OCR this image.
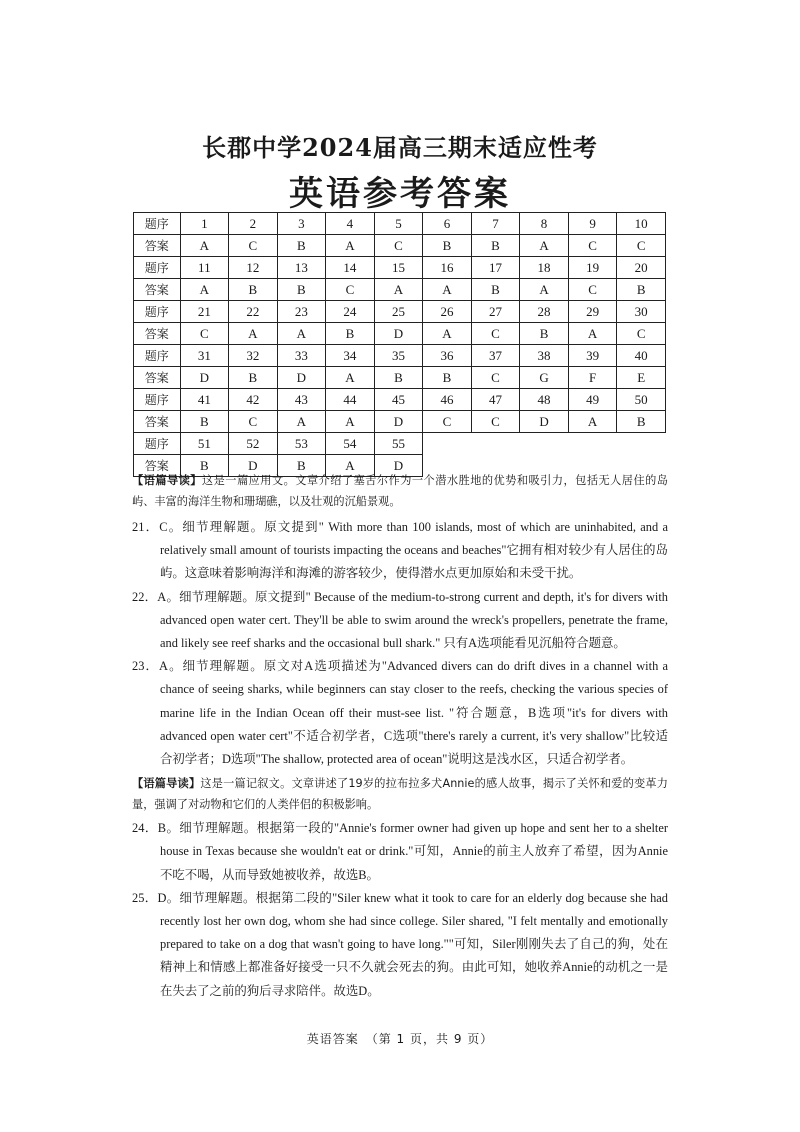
长郡中学2024届高三期末适应性考
英语参考答案
题序	1	2	3	4	5	6	7	8	9	10
答案	A	C	B	A	C	B	B	A	C	C
题序	11	12	13	14	15	16	17	18	19	20
答案	A	B	B	C	A	A	B	A	C	B
题序	21	22	23	24	25	26	27	28	29	30
答案	C	A	A	B	D	A	C	B	A	C
题序	31	32	33	34	35	36	37	38	39	40
答案	D	B	D	A	B	B	C	G	F	E
题序	41	42	43	44	45	46	47	48	49	50
答案	B	C	A	A	D	C	C	D	A	B
题序	51	52	53	54	55					
答案	B	D	B	A	D					

【语篇导读】这是一篇应用文。文章介绍了塞舌尔作为一个潜水胜地的优势和吸引力，包括无人居住的岛屿、丰富的海洋生物和珊瑚礁，以及壮观的沉船景观。

21．C。细节理解题。原文提到" With more than 100 islands, most of which are uninhabited, and a relatively small amount of tourists impacting the oceans and beaches"它拥有相对较少有人居住的岛屿。这意味着影响海洋和海滩的游客较少，使得潜水点更加原始和未受干扰。

22．A。细节理解题。原文提到" Because of the medium-to-strong current and depth, it's for divers with advanced open water cert. They'll be able to swim around the wreck's propellers, penetrate the frame, and likely see reef sharks and the occasional bull shark." 只有A选项能看见沉船符合题意。

23．A。细节理解题。原文对A选项描述为"Advanced divers can do drift dives in a channel with a chance of seeing sharks, while beginners can stay closer to the reefs, checking the various species of marine life in the Indian Ocean off their must-see list. "符合题意，B选项"it's for divers with advanced open water cert"不适合初学者，C选项"there's rarely a current, it's very shallow"比较适合初学者；D选项"The shallow, protected area of ocean"说明这是浅水区，只适合初学者。

【语篇导读】这是一篇记叙文。文章讲述了19岁的拉布拉多犬Annie的感人故事，揭示了关怀和爱的变革力量，强调了对动物和它们的人类伴侣的积极影响。

24．B。细节理解题。根据第一段的"Annie's former owner had given up hope and sent her to a shelter house in Texas because she wouldn't eat or drink."可知，Annie的前主人放弃了希望，因为Annie不吃不喝，从而导致她被收养，故选B。

25．D。细节理解题。根据第二段的"Siler knew what it took to care for an elderly dog because she had recently lost her own dog, whom she had since college. Siler shared, "I felt mentally and emotionally prepared to take on a dog that wasn't going to have long.""可知，Siler刚刚失去了自己的狗，处在精神上和情感上都准备好接受一只不久就会死去的狗。由此可知，她收养Annie的动机之一是在失去了之前的狗后寻求陪伴。故选D。

英语答案　（第 1 页，共 9 页）
